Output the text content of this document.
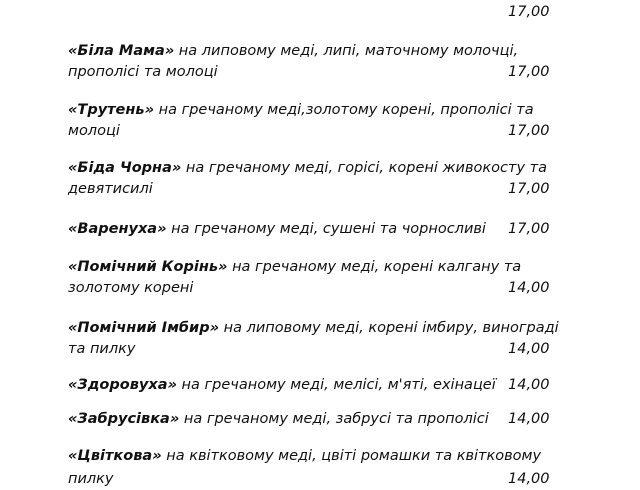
17,00
«Біла Мама» на липовому меді, липі, маточному молочці,
прополісі та молоці	17,00
«Трутень» на гречаному меді,золотому корені, прополісі та
молоці	17,00
«Біда Чорна» на гречаному меді, горісі, корені живокосту та
девятисилі	17,00
«Варенуха» на гречаному меді, сушені та чорносливі 17,00
«Помічний Корінь» на гречаному меді, корені калгану та
золотому корені	14,00
«Помічний Імбир» на липовому меді, корені імбиру, винограді
та пилку	14,00
«Здоровуха» на гречаному меді, мелісі, м'яті, ехінацеї 14,00
«Забрусівка» на гречаному меді, забрусі та прополісі 14,00
«Цвіткова» на квітковому меді, цвіті ромашки та квітковому
пилку	14,00
